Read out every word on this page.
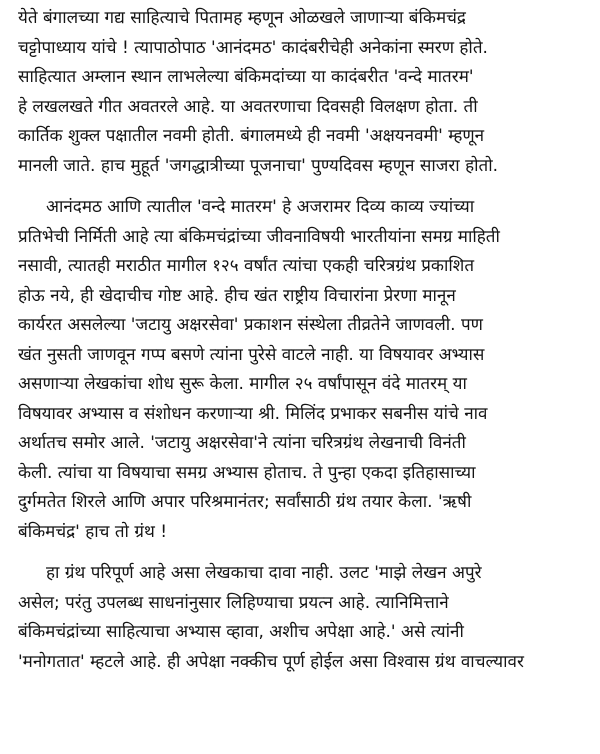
येते बंगालच्या गद्य साहित्याचे पितामह म्हणून ओळखले जाणाऱ्या बंकिमचंद्र
चट्टोपाध्याय यांचे ! त्यापाठोपाठ 'आनंदमठ' कादंबरीचेही अनेकांना स्मरण होते.
साहित्यात अम्लान स्थान लाभलेल्या बंकिमदांच्या या कादंबरीत 'वन्दे मातरम'
हे लखलखते गीत अवतरले आहे. या अवतरणाचा दिवसही विलक्षण होता. ती
कार्तिक शुक्ल पक्षातील नवमी होती. बंगालमध्ये ही नवमी 'अक्षयनवमी' म्हणून
मानली जाते. हाच मुहूर्त 'जगद्धात्रीच्या पूजनाचा' पुण्यदिवस म्हणून साजरा होतो.
आनंदमठ आणि त्यातील 'वन्दे मातरम' हे अजरामर दिव्य काव्य ज्यांच्या
प्रतिभेची निर्मिती आहे त्या बंकिमचंद्रांच्या जीवनाविषयी भारतीयांना समग्र माहिती
नसावी, त्यातही मराठीत मागील १२५ वर्षांत त्यांचा एकही चरित्रग्रंथ प्रकाशित
होऊ नये, ही खेदाचीच गोष्ट आहे. हीच खंत राष्ट्रीय विचारांना प्रेरणा मानून
कार्यरत असलेल्या 'जटायु अक्षरसेवा' प्रकाशन संस्थेला तीव्रतेने जाणवली. पण
खंत नुसती जाणवून गप्प बसणे त्यांना पुरेसे वाटले नाही. या विषयावर अभ्यास
असणाऱ्या लेखकांचा शोध सुरू केला. मागील २५ वर्षांपासून वंदे मातरम् या
विषयावर अभ्यास व संशोधन करणाऱ्या श्री. मिलिंद प्रभाकर सबनीस यांचे नाव
अर्थातच समोर आले. 'जटायु अक्षरसेवा'ने त्यांना चरित्रग्रंथ लेखनाची विनंती
केली. त्यांचा या विषयाचा समग्र अभ्यास होताच. ते पुन्हा एकदा इतिहासाच्या
दुर्गमतेत शिरले आणि अपार परिश्रमानंतर; सर्वांसाठी ग्रंथ तयार केला. 'ऋषी
बंकिमचंद्र' हाच तो ग्रंथ !
हा ग्रंथ परिपूर्ण आहे असा लेखकाचा दावा नाही. उलट 'माझे लेखन अपुरे
असेल; परंतु उपलब्ध साधनांनुसार लिहिण्याचा प्रयत्न आहे. त्यानिमित्ताने
बंकिमचंद्रांच्या साहित्याचा अभ्यास व्हावा, अशीच अपेक्षा आहे.' असे त्यांनी
'मनोगतात' म्हटले आहे. ही अपेक्षा नक्कीच पूर्ण होईल असा विश्वास ग्रंथ वाचल्यावर
